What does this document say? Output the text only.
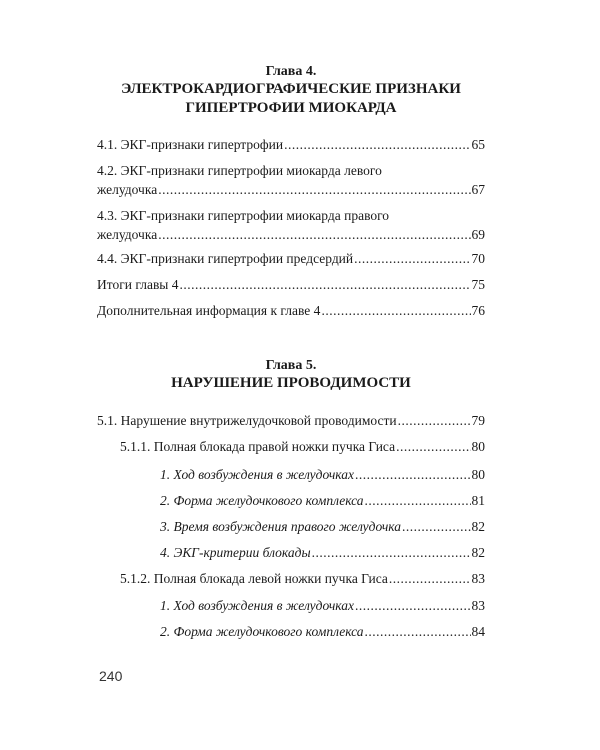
Глава 4.
ЭЛЕКТРОКАРДИОГРАФИЧЕСКИЕ ПРИЗНАКИ
ГИПЕРТРОФИИ МИОКАРДА
4.1. ЭКГ-признаки гипертрофии .....	65
4.2. ЭКГ-признаки гипертрофии миокарда левого
желудочка .....	67
4.3. ЭКГ-признаки гипертрофии миокарда правого
желудочка .....	69
4.4. ЭКГ-признаки гипертрофии предсердий .....	70
Итоги главы 4 .....	75
Дополнительная информация к главе 4 .....	76
Глава 5.
НАРУШЕНИЕ ПРОВОДИМОСТИ
5.1. Нарушение внутрижелудочковой проводимости .....	79
5.1.1. Полная блокада правой ножки пучка Гиса .....	80
1. Ход возбуждения в желудочках .....	80
2. Форма желудочкового комплекса .....	81
3. Время возбуждения правого желудочка .....	82
4. ЭКГ-критерии блокады .....	82
5.1.2. Полная блокада левой ножки пучка Гиса .....	83
1. Ход возбуждения в желудочках .....	83
2. Форма желудочкового комплекса .....	84
240
